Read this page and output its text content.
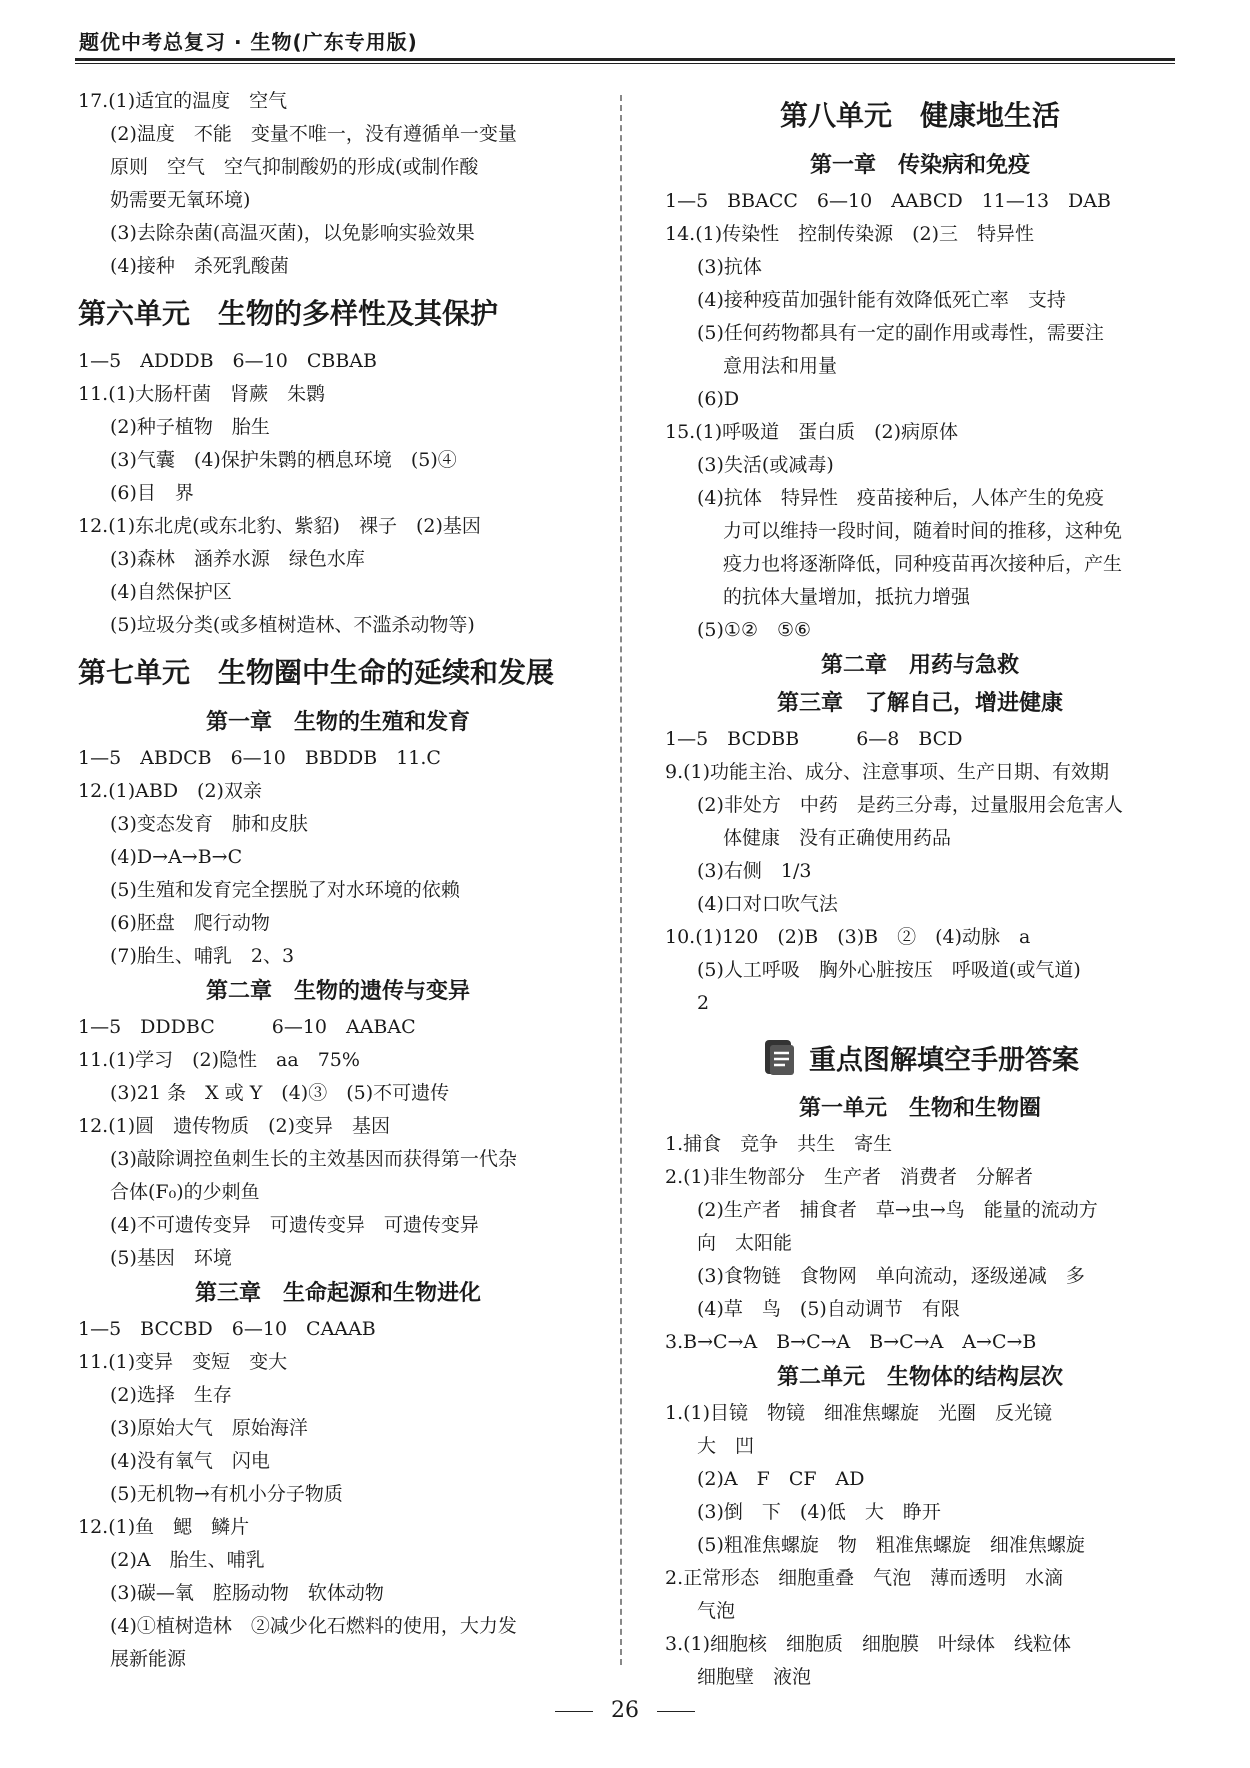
题优中考总复习 · 生物(广东专用版)
17.(1)适宜的温度　空气
(2)温度　不能　变量不唯一，没有遵循单一变量
原则　空气　空气抑制酸奶的形成(或制作酸
奶需要无氧环境)
(3)去除杂菌(高温灭菌)，以免影响实验效果
(4)接种　杀死乳酸菌
第六单元　生物的多样性及其保护
1—5　ADDDB　6—10　CBBAB
11.(1)大肠杆菌　肾蕨　朱鹮
(2)种子植物　胎生
(3)气囊　(4)保护朱鹮的栖息环境　(5)④
(6)目　界
12.(1)东北虎(或东北豹、紫貂)　裸子　(2)基因
(3)森林　涵养水源　绿色水库
(4)自然保护区
(5)垃圾分类(或多植树造林、不滥杀动物等)
第七单元　生物圈中生命的延续和发展
第一章　生物的生殖和发育
1—5　ABDCB　6—10　BBDDB　11.C
12.(1)ABD　(2)双亲
(3)变态发育　肺和皮肤
(4)D→A→B→C
(5)生殖和发育完全摆脱了对水环境的依赖
(6)胚盘　爬行动物
(7)胎生、哺乳　2、3
第二章　生物的遗传与变异
1—5　DDDBC　　　6—10　AABAC
11.(1)学习　(2)隐性　aa　75%
(3)21 条　X 或 Y　(4)③　(5)不可遗传
12.(1)圆　遗传物质　(2)变异　基因
(3)敲除调控鱼刺生长的主效基因而获得第一代杂
合体(F₀)的少刺鱼
(4)不可遗传变异　可遗传变异　可遗传变异
(5)基因　环境
第三章　生命起源和生物进化
1—5　BCCBD　6—10　CAAAB
11.(1)变异　变短　变大
(2)选择　生存
(3)原始大气　原始海洋
(4)没有氧气　闪电
(5)无机物→有机小分子物质
12.(1)鱼　鳃　鳞片
(2)A　胎生、哺乳
(3)碳—氧　腔肠动物　软体动物
(4)①植树造林　②减少化石燃料的使用，大力发
展新能源
第八单元　健康地生活
第一章　传染病和免疫
1—5　BBACC　6—10　AABCD　11—13　DAB
14.(1)传染性　控制传染源　(2)三　特异性
(3)抗体
(4)接种疫苗加强针能有效降低死亡率　支持
(5)任何药物都具有一定的副作用或毒性，需要注
意用法和用量
(6)D
15.(1)呼吸道　蛋白质　(2)病原体
(3)失活(或减毒)
(4)抗体　特异性　疫苗接种后，人体产生的免疫
力可以维持一段时间，随着时间的推移，这种免
疫力也将逐渐降低，同种疫苗再次接种后，产生
的抗体大量增加，抵抗力增强
(5)①②　⑤⑥
第二章　用药与急救
第三章　了解自己，增进健康
1—5　BCDBB　　　6—8　BCD
9.(1)功能主治、成分、注意事项、生产日期、有效期
(2)非处方　中药　是药三分毒，过量服用会危害人
体健康　没有正确使用药品
(3)右侧　1/3
(4)口对口吹气法
10.(1)120　(2)B　(3)B　②　(4)动脉　a
(5)人工呼吸　胸外心脏按压　呼吸道(或气道)
2
重点图解填空手册答案
第一单元　生物和生物圈
1.捕食　竞争　共生　寄生
2.(1)非生物部分　生产者　消费者　分解者
(2)生产者　捕食者　草→虫→鸟　能量的流动方
向　太阳能
(3)食物链　食物网　单向流动，逐级递减　多
(4)草　鸟　(5)自动调节　有限
3.B→C→A　B→C→A　B→C→A　A→C→B
第二单元　生物体的结构层次
1.(1)目镜　物镜　细准焦螺旋　光圈　反光镜
大　凹
(2)A　F　CF　AD
(3)倒　下　(4)低　大　睁开
(5)粗准焦螺旋　物　粗准焦螺旋　细准焦螺旋
2.正常形态　细胞重叠　气泡　薄而透明　水滴
气泡
3.(1)细胞核　细胞质　细胞膜　叶绿体　线粒体
细胞壁　液泡
26
